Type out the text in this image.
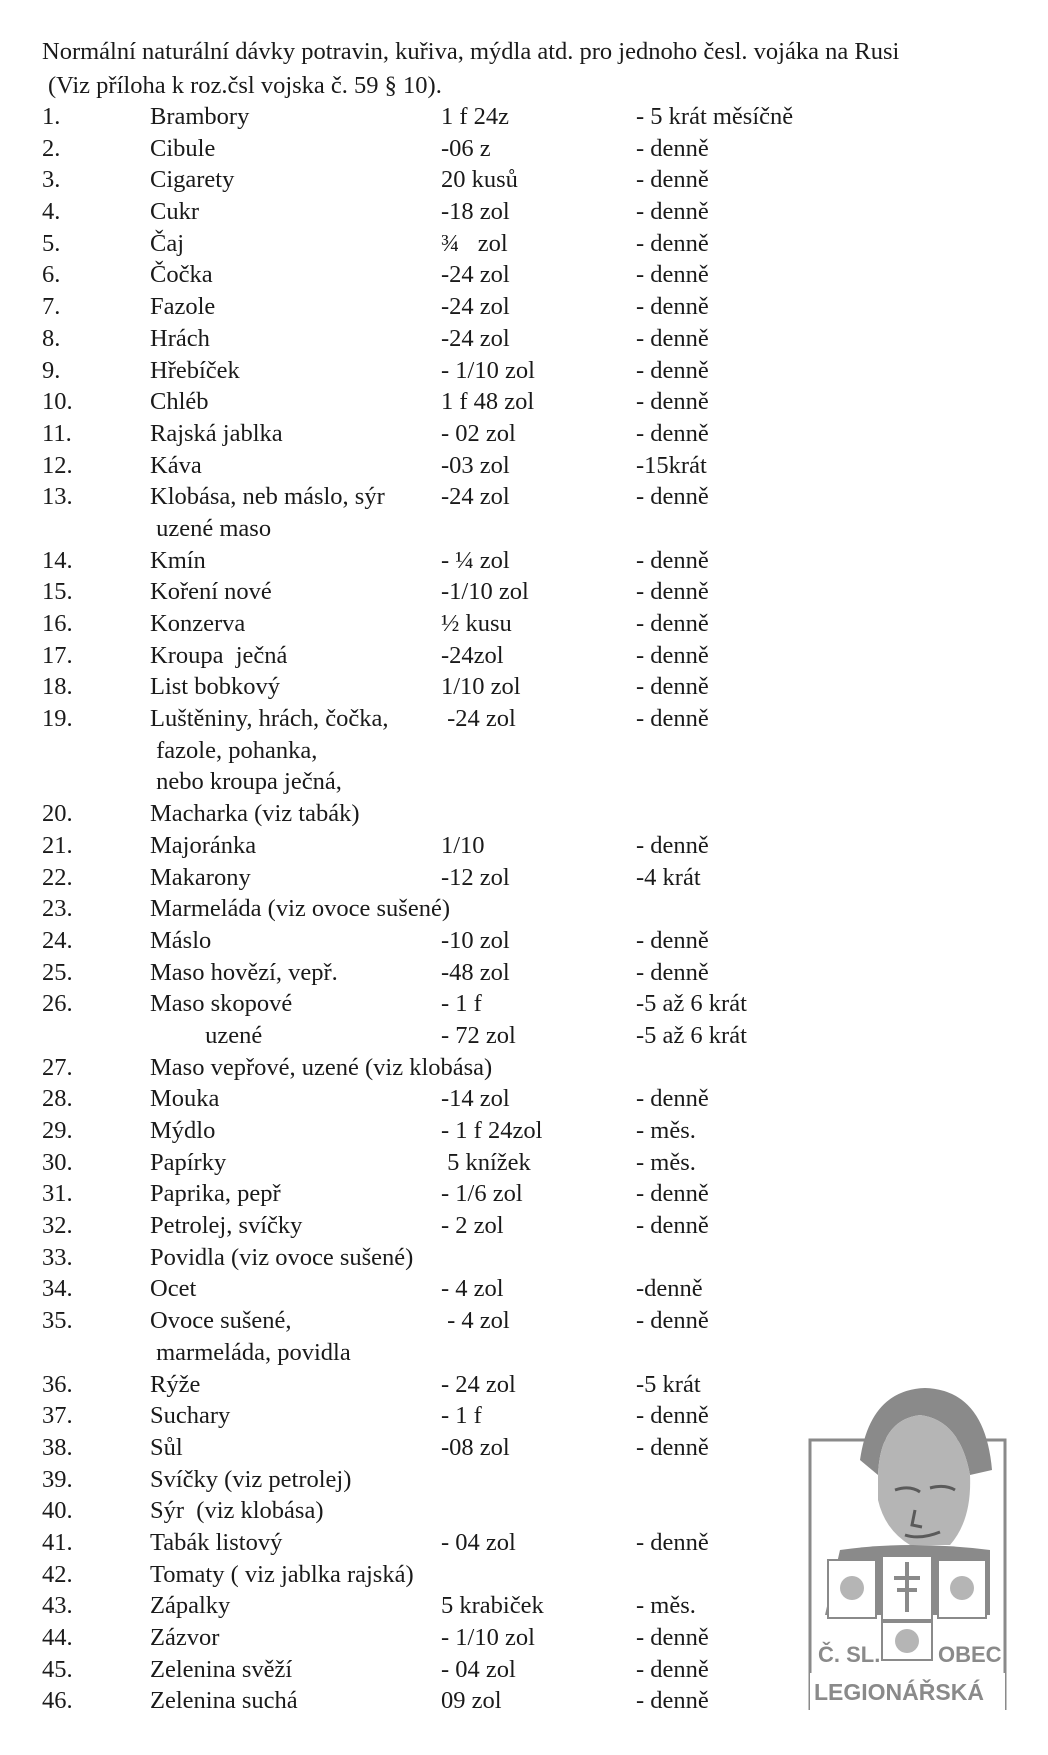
Normální naturální dávky potravin, kuřiva, mýdla atd. pro jednoho česl. vojáka na Rusi
(Viz příloha k roz.čsl vojska č. 59 § 10).
1.	Brambory	1 f 24z	- 5 krát měsíčně
2.	Cibule	-06 z	- denně
3.	Cigarety	20 kusů	- denně
4.	Cukr	-18 zol	- denně
5.	Čaj	¾   zol	- denně
6.	Čočka	-24 zol	- denně
7.	Fazole	-24 zol	- denně
8.	Hrách	-24 zol	- denně
9.	Hřebíček	- 1/10 zol	- denně
10.	Chléb	1 f 48 zol	- denně
11.	Rajská jablka	- 02 zol	- denně
12.	Káva	-03 zol	-15krát
13.	Klobása, neb máslo, sýr -24 zol	- denně
uzené maso
14.	Kmín	- ¼ zol	- denně
15.	Koření nové	-1/10 zol	- denně
16.	Konzerva	½ kusu	- denně
17.	Kroupa  ječná	-24zol	- denně
18.	List bobkový	1/10 zol	- denně
19.	Luštěniny, hrách, čočka, -24 zol	- denně
fazole, pohanka,
nebo kroupa ječná,
20.	Macharka (viz tabák)
21.	Majoránka	1/10	- denně
22.	Makarony	-12 zol	-4 krát
23.	Marmeláda (viz ovoce sušené)
24.	Máslo	-10 zol	- denně
25.	Maso hovězí, vepř.	-48 zol	- denně
26.	Maso skopové	- 1 f	-5 až 6 krát
uzené	- 72 zol	-5 až 6 krát
27.	Maso vepřové, uzené (viz klobása)
28.	Mouka	-14 zol	- denně
29.	Mýdlo	- 1 f 24zol	- měs.
30.	Papírky	5 knížek	- měs.
31.	Paprika, pepř	- 1/6 zol	- denně
32.	Petrolej, svíčky	- 2 zol	- denně
33.	Povidla (viz ovoce sušené)
34.	Ocet	- 4 zol	-denně
35.	Ovoce sušené,	- 4 zol	- denně
marmeláda, povidla
36.	Rýže	- 24 zol	-5 krát
37.	Suchary	- 1 f	- denně
38.	Sůl	-08 zol	- denně
39.	Svíčky (viz petrolej)
40.	Sýr  (viz klobása)
41.	Tabák listový	- 04 zol	- denně
42.	Tomaty ( viz jablka rajská)
43.	Zápalky	5 krabiček	- měs.
44.	Zázvor	- 1/10 zol	- denně
45.	Zelenina svěží	- 04 zol	- denně
46.	Zelenina suchá	09 zol	- denně
Č. SL.	OBEC
LEGIONÁŘSKÁ
